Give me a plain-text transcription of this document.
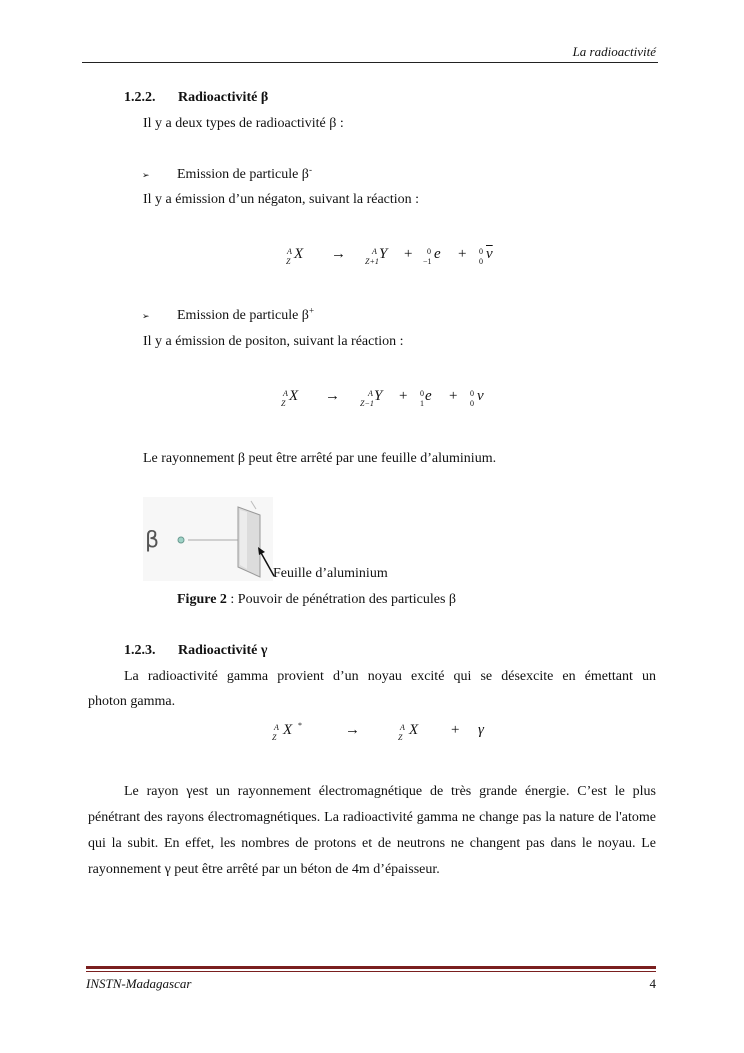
La radioactivité
1.2.2. Radioactivité β
Il y a deux types de radioactivité β :
➢ Emission de particule β-
Il y a émission d’un négaton, suivant la réaction :
A
Z X →	A
Z+1 Y + 0
−1 e + 0
0 $\overline{\nu}$
➢ Emission de particule β+
Il y a émission de positon, suivant la réaction :
A
Z X →	A
Z−1 Y + 0
1 e + 0
0 ν
Le rayonnement β peut être arrêté par une feuille d’aluminium.
β
Feuille d’aluminium
Figure 2 : Pouvoir de pénétration des particules β
1.2.3. Radioactivité γ
La radioactivité gamma provient d’un noyau excité qui se désexcite en émettant un
photon gamma.
A
Z X *	→	A
Z X + γ
Le rayon γest un rayonnement électromagnétique de très grande énergie. C’est le plus pénétrant des rayons électromagnétiques. La radioactivité gamma ne change pas la nature de l'atome qui la subit. En effet, les nombres de protons et de neutrons ne changent pas dans le noyau. Le rayonnement γ peut être arrêté par un béton de 4m d’épaisseur.
INSTN-Madagascar	4
